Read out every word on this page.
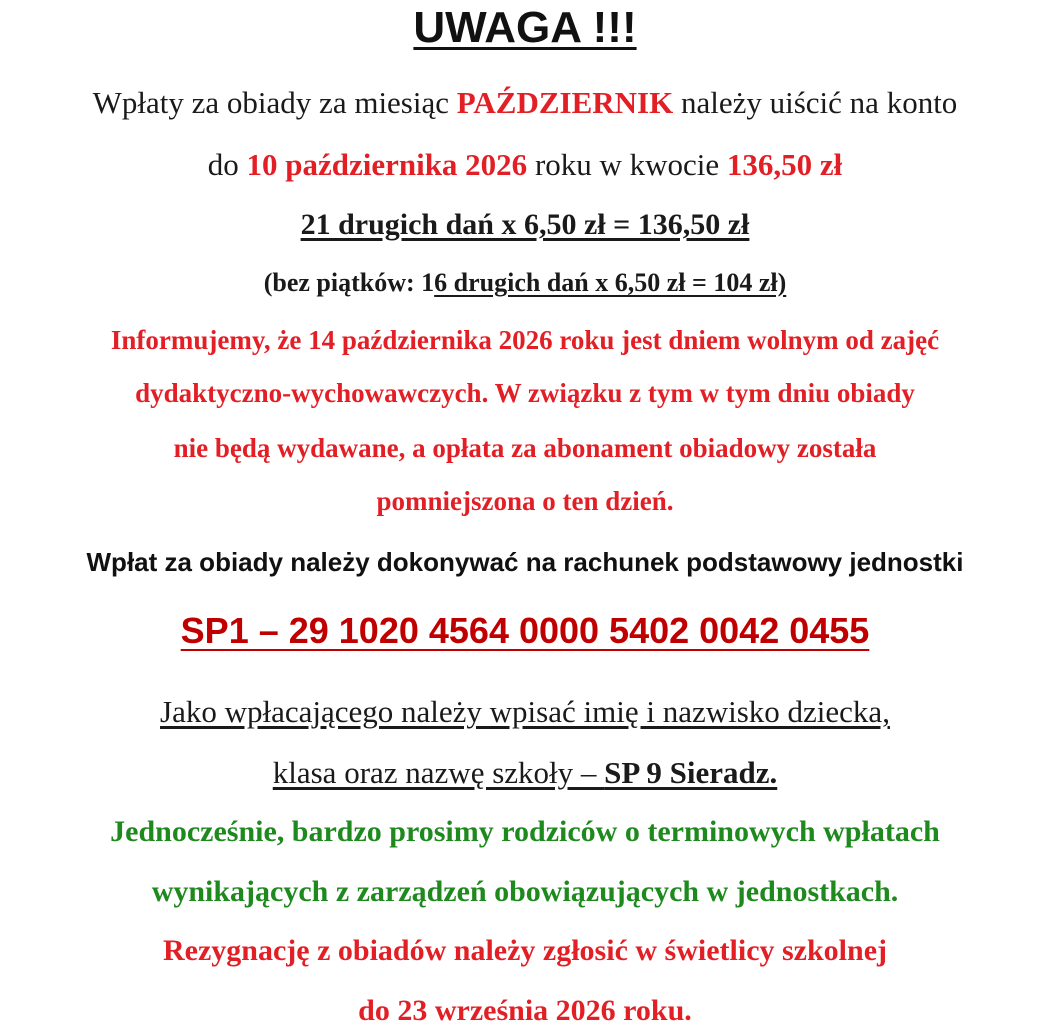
UWAGA !!!
Wpłaty za obiady za miesiąc PAŹDZIERNIK należy uiścić na konto
do 10 października 2026 roku w kwocie 136,50 zł
21 drugich dań x 6,50 zł = 136,50 zł
(bez piątków: 16 drugich dań x 6,50 zł = 104 zł)
Informujemy, że 14 października 2026 roku jest dniem wolnym od zajęć
dydaktyczno-wychowawczych. W związku z tym w tym dniu obiady
nie będą wydawane, a opłata za abonament obiadowy została
pomniejszona o ten dzień.
Wpłat za obiady należy dokonywać na rachunek podstawowy jednostki
SP1 – 29 1020 4564 0000 5402 0042 0455
Jako wpłacającego należy wpisać imię i nazwisko dziecka,
klasa oraz nazwę szkoły – SP 9 Sieradz.
Jednocześnie, bardzo prosimy rodziców o terminowych wpłatach
wynikających z zarządzeń obowiązujących w jednostkach.
Rezygnację z obiadów należy zgłosić w świetlicy szkolnej
do 23 września 2026 roku.
